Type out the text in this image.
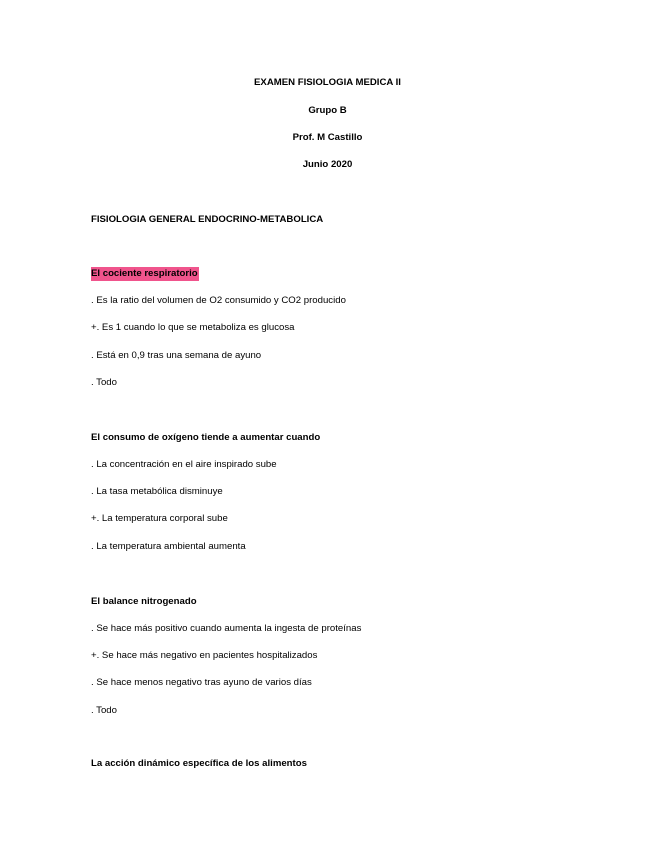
EXAMEN FISIOLOGIA MEDICA II
Grupo B
Prof. M Castillo
Junio 2020
FISIOLOGIA GENERAL ENDOCRINO-METABOLICA
El cociente respiratorio
. Es la ratio del volumen de O2 consumido y CO2 producido
+. Es 1 cuando lo que se metaboliza es glucosa
. Está en 0,9 tras una semana de ayuno
. Todo
El consumo de oxígeno tiende a aumentar cuando
. La concentración en el aire inspirado sube
. La tasa metabólica disminuye
+. La temperatura corporal sube
. La temperatura ambiental aumenta
El balance nitrogenado
. Se hace más positivo cuando aumenta la ingesta de proteínas
+. Se hace más negativo en pacientes hospitalizados
. Se hace menos negativo tras ayuno de varios días
. Todo
La acción dinámico específica de los alimentos
